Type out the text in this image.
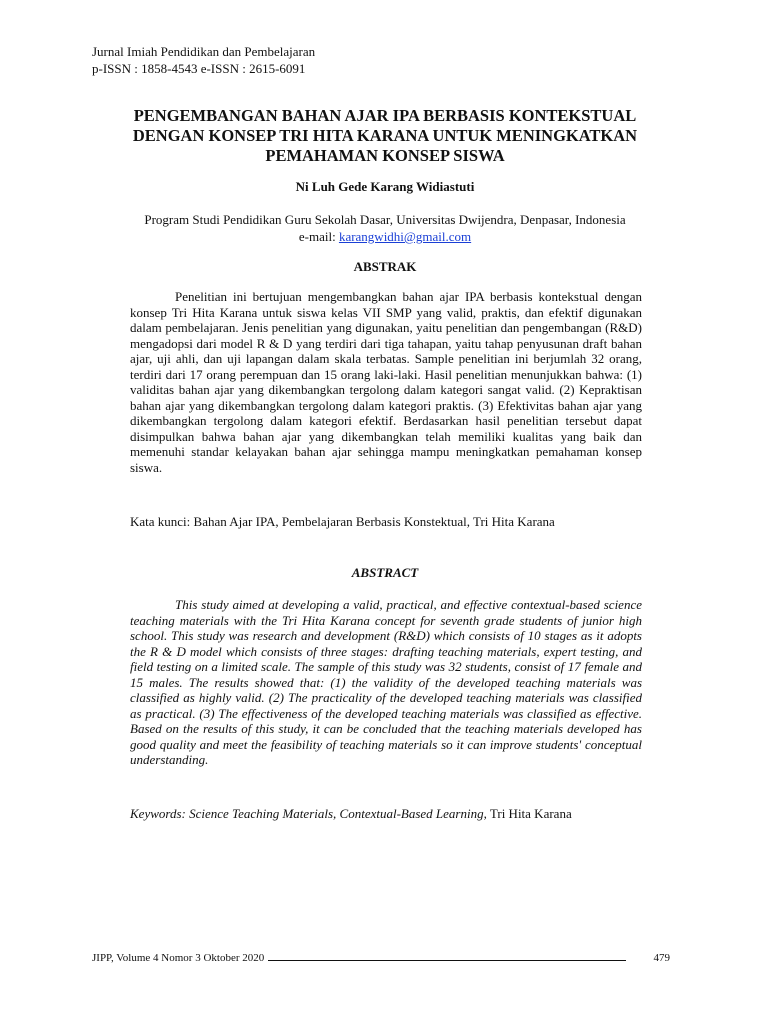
Jurnal Imiah Pendidikan dan Pembelajaran
p-ISSN : 1858-4543 e-ISSN : 2615-6091
PENGEMBANGAN BAHAN AJAR IPA BERBASIS KONTEKSTUAL DENGAN KONSEP TRI HITA KARANA UNTUK MENINGKATKAN PEMAHAMAN KONSEP SISWA
Ni Luh Gede Karang Widiastuti
Program Studi Pendidikan Guru Sekolah Dasar, Universitas Dwijendra, Denpasar, Indonesia
e-mail: karangwidhi@gmail.com
ABSTRAK

Penelitian ini bertujuan mengembangkan bahan ajar IPA berbasis kontekstual dengan konsep Tri Hita Karana untuk siswa kelas VII SMP yang valid, praktis, dan efektif digunakan dalam pembelajaran. Jenis penelitian yang digunakan, yaitu penelitian dan pengembangan (R&D) mengadopsi dari model R & D yang terdiri dari tiga tahapan, yaitu tahap penyusunan draft bahan ajar, uji ahli, dan uji lapangan dalam skala terbatas. Sample penelitian ini berjumlah 32 orang, terdiri dari 17 orang perempuan dan 15 orang laki-laki. Hasil penelitian menunjukkan bahwa: (1) validitas bahan ajar yang dikembangkan tergolong dalam kategori sangat valid. (2) Kepraktisan bahan ajar yang dikembangkan tergolong dalam kategori praktis. (3) Efektivitas bahan ajar yang dikembangkan tergolong dalam kategori efektif. Berdasarkan hasil penelitian tersebut dapat disimpulkan bahwa bahan ajar yang dikembangkan telah memiliki kualitas yang baik dan memenuhi standar kelayakan bahan ajar sehingga mampu meningkatkan pemahaman konsep siswa.

Kata kunci: Bahan Ajar IPA, Pembelajaran Berbasis Konstektual, Tri Hita Karana

ABSTRACT

This study aimed at developing a valid, practical, and effective contextual-based science teaching materials with the Tri Hita Karana concept for seventh grade students of junior high school. This study was research and development (R&D) which consists of 10 stages as it adopts the R & D model which consists of three stages: drafting teaching materials, expert testing, and field testing on a limited scale. The sample of this study was 32 students, consist of 17 female and 15 males. The results showed that: (1) the validity of the developed teaching materials was classified as highly valid. (2) The practicality of the developed teaching materials was classified as practical. (3) The effectiveness of the developed teaching materials was classified as effective. Based on the results of this study, it can be concluded that the teaching materials developed has good quality and meet the feasibility of teaching materials so it can improve students' conceptual understanding.

Keywords: Science Teaching Materials, Contextual-Based Learning, Tri Hita Karana

JIPP, Volume 4 Nomor 3 Oktober 2020	479
